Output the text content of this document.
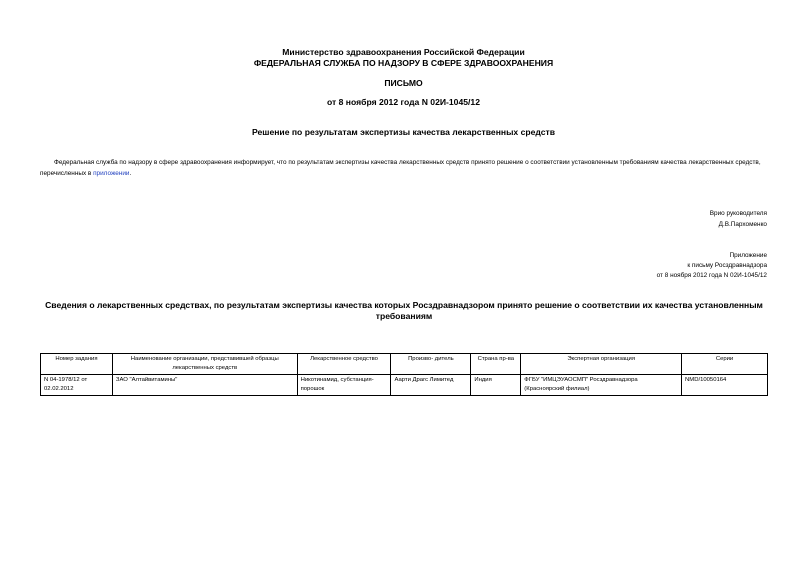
Министерство здравоохранения Российской Федерации
ФЕДЕРАЛЬНАЯ СЛУЖБА ПО НАДЗОРУ В СФЕРЕ ЗДРАВООХРАНЕНИЯ
ПИСЬМО
от 8 ноября 2012 года N 02И-1045/12
Решение по результатам экспертизы качества лекарственных средств
Федеральная служба по надзору в сфере здравоохранения информирует, что по результатам экспертизы качества лекарственных средств принято решение о соответствии установленным требованиям качества лекарственных средств, перечисленных в приложении.
Врио руководителя
Д.В.Пархоменко
Приложение
к письму Росздравнадзора
от 8 ноября 2012 года N 02И-1045/12
Сведения о лекарственных средствах, по результатам экспертизы качества которых Росздравнадзором принято решение о соответствии их качества установленным требованиям
Номер задания	Наименование организации, представившей образцы лекарственных средств	Лекарственное средство	Произво- дитель	Страна пр-ва	Экспертная организация	Серии
N 04-1978/12 от 02.02.2012	ЗАО "Алтайвитамины"	Никотинамид, субстанция-порошок	Аарти Драгс Лимитед	Индия	ФГБУ "ИМЦЭУАОСМП" Росздравнадзора (Красноярский филиал)	NMD/10050164
